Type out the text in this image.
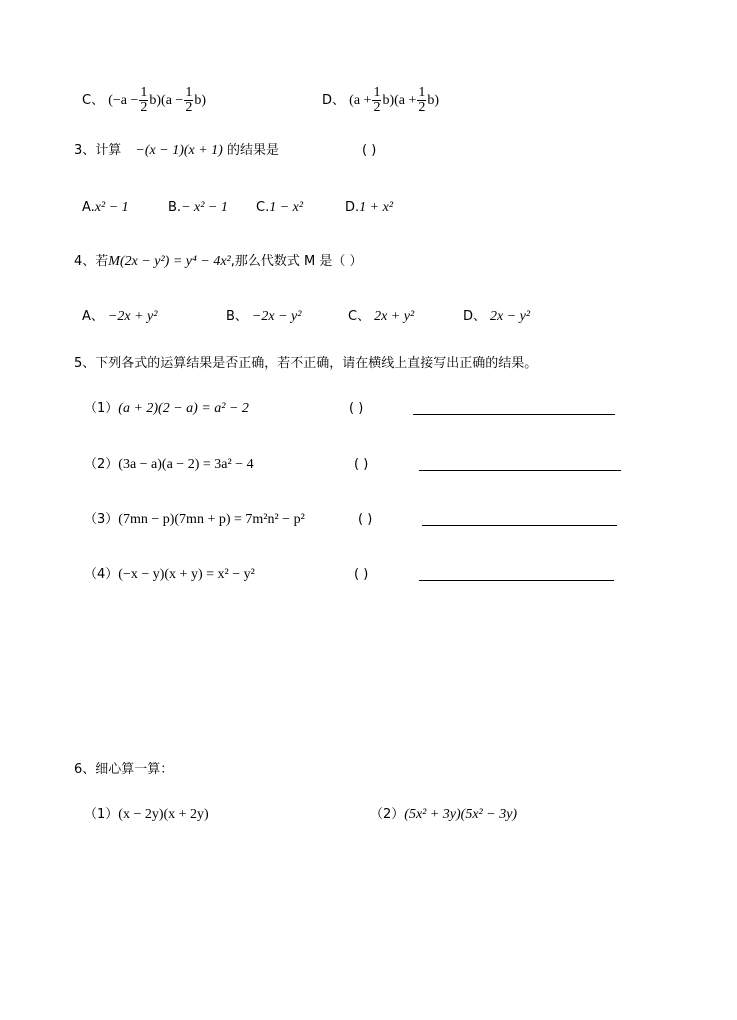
C、 $(-a - \frac{1}{2} b)(a - \frac{1}{2} b)$	D、 $(a + \frac{1}{2} b)(a + \frac{1}{2} b)$
3、计算 −(x − 1)(x + 1) 的结果是	( )
A.x² − 1	B.− x² − 1 C.1 − x²	D.1 + x²
4、若M(2x − y²) = y⁴ − 4x²,那么代数式 M 是（ ）
A、 −2x + y²	B、 −2x − y²	C、 2x + y²	D、 2x − y²
5、下列各式的运算结果是否正确，若不正确，请在横线上直接写出正确的结果。
（1）(a + 2)(2 − a) = a² − 2	( )
（2）(3a − a)(a − 2) = 3a² − 4	( )
（3）(7mn − p)(7mn + p) = 7m²n² − p²	( )
（4）(−x − y)(x + y) = x² − y²	( )
6、细心算一算：
（1）(x − 2y)(x + 2y)	（2）(5x² + 3y)(5x² − 3y)
